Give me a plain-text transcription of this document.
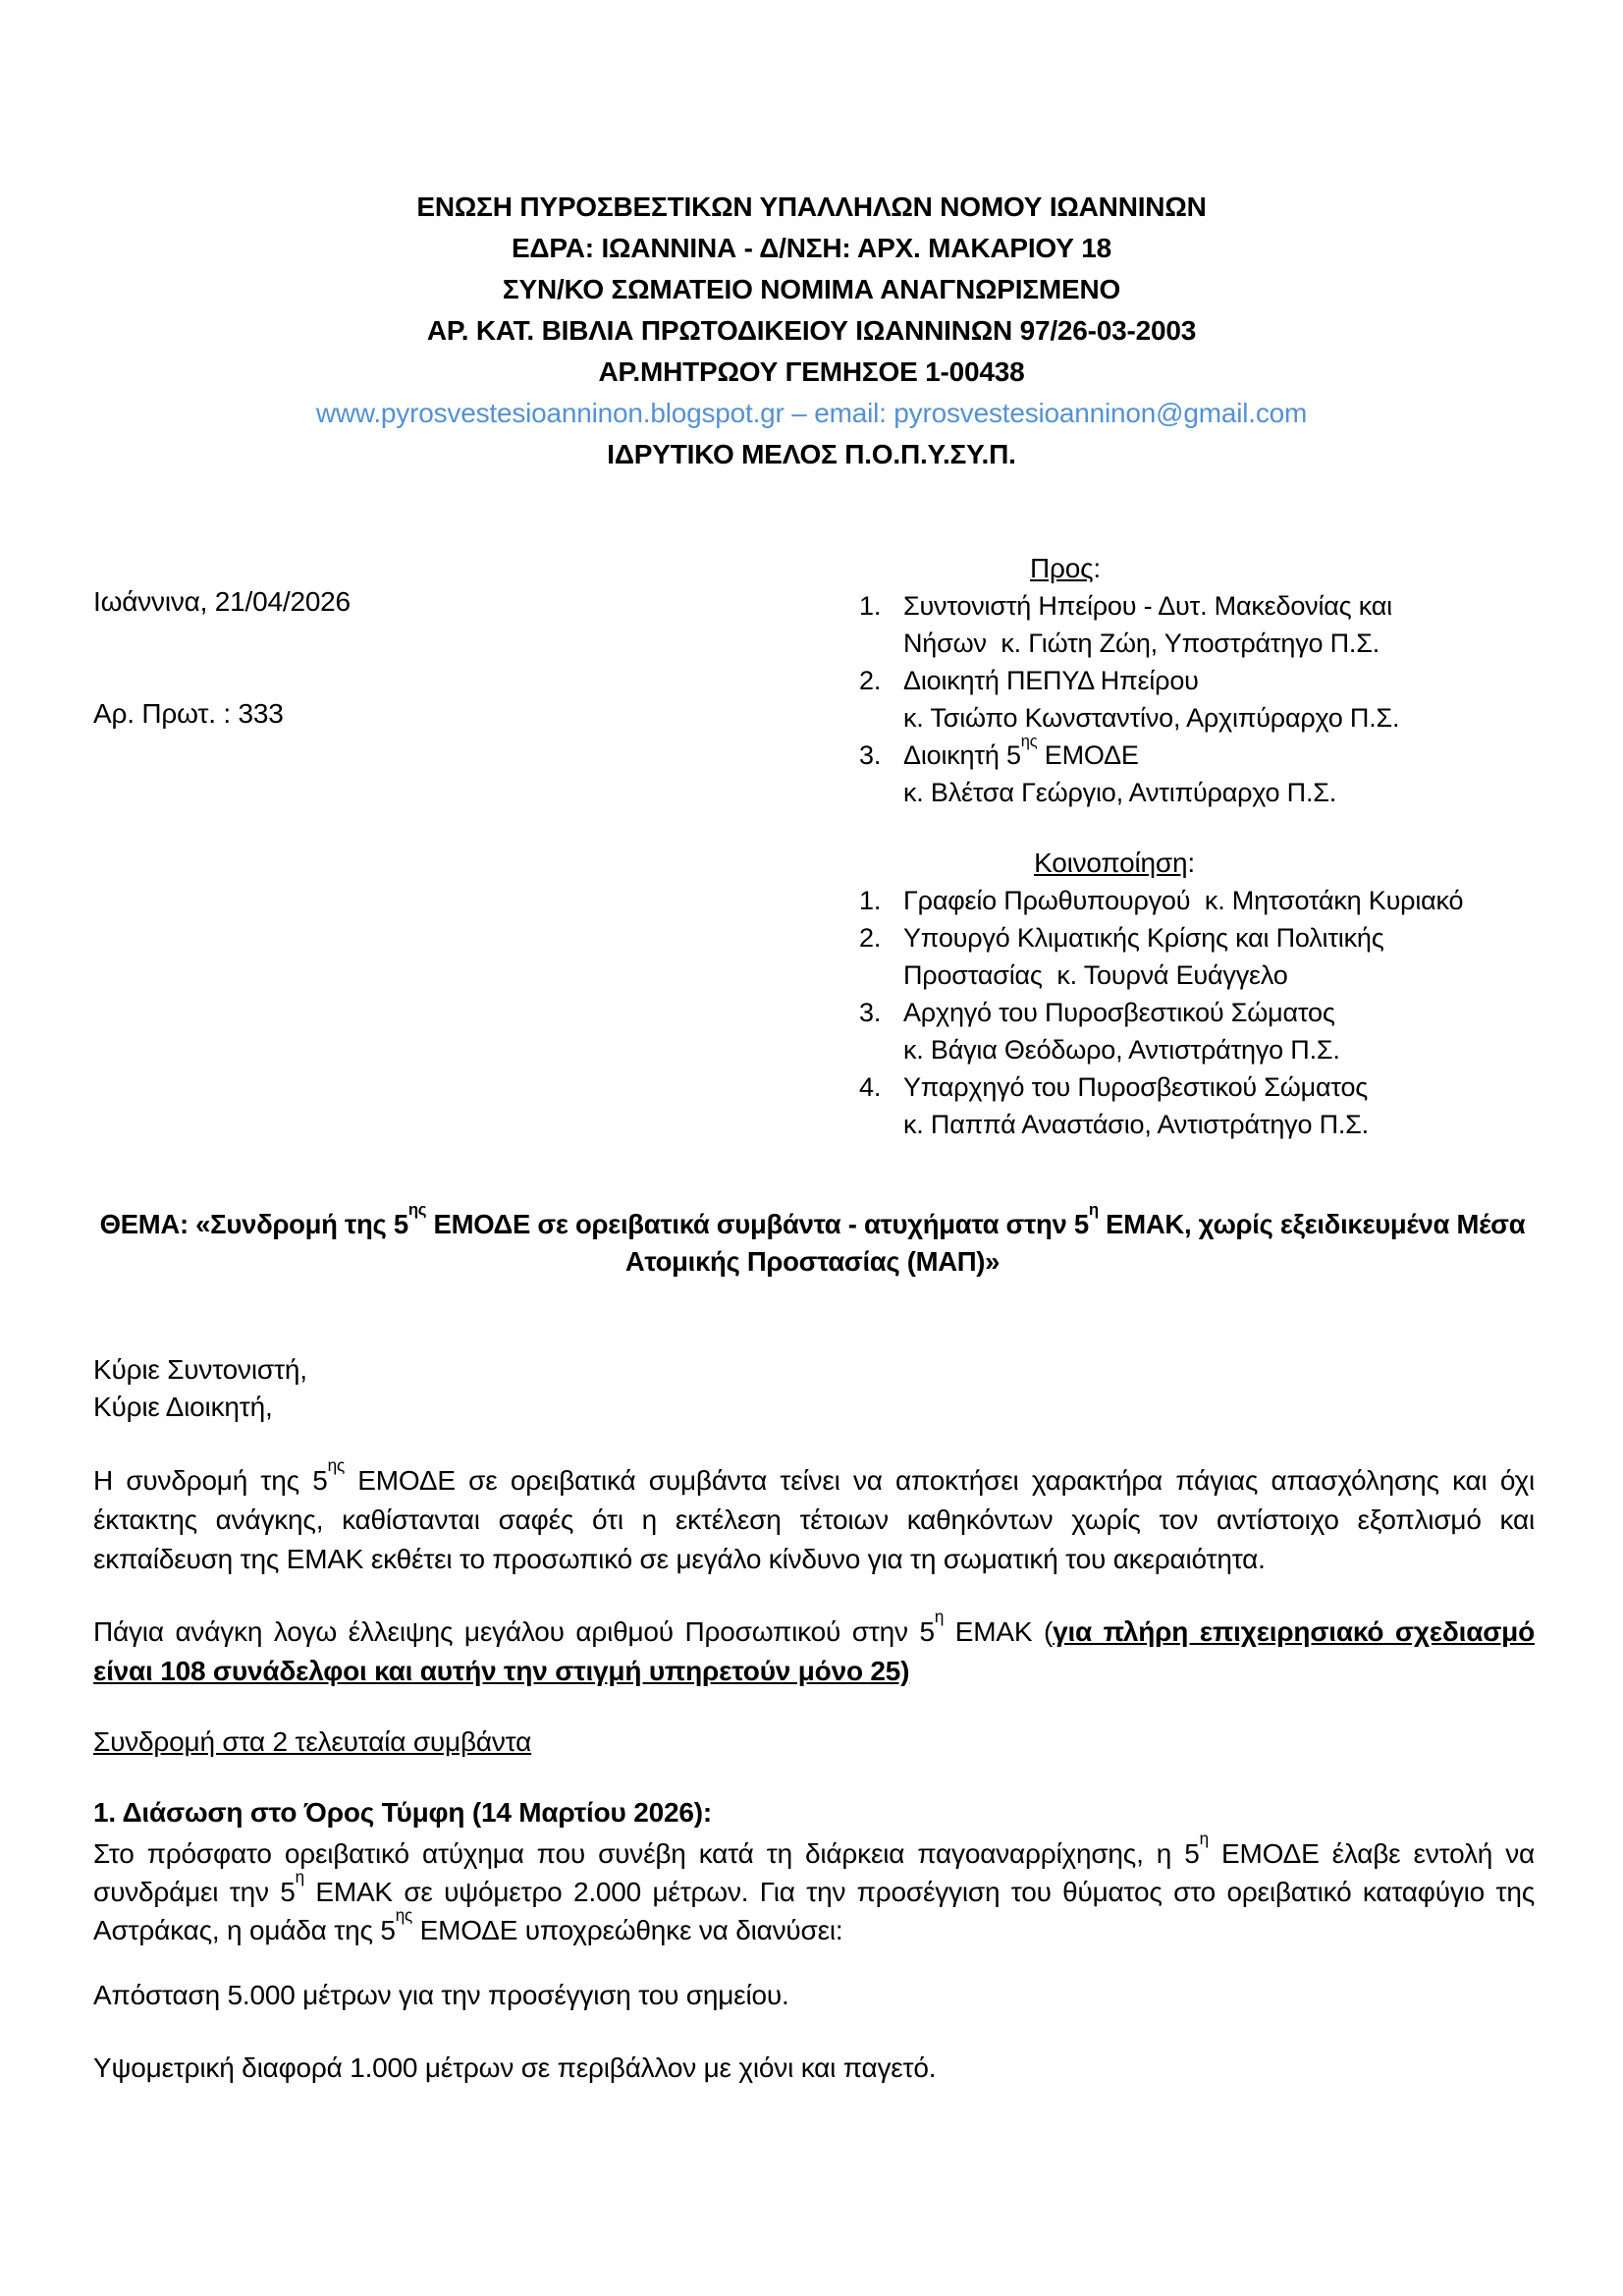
ΕΝΩΣΗ ΠΥΡΟΣΒΕΣΤΙΚΩΝ ΥΠΑΛΛΗΛΩΝ ΝΟΜΟΥ ΙΩΑΝΝΙΝΩΝ
ΕΔΡΑ: ΙΩΑΝΝΙΝΑ - Δ/ΝΣΗ: ΑΡΧ. ΜΑΚΑΡΙΟΥ 18
ΣΥΝ/ΚΟ ΣΩΜΑΤΕΙΟ ΝΟΜΙΜΑ ΑΝΑΓΝΩΡΙΣΜΕΝΟ
ΑΡ. ΚΑΤ. ΒΙΒΛΙΑ ΠΡΩΤΟΔΙΚΕΙΟΥ ΙΩΑΝΝΙΝΩΝ 97/26-03-2003
ΑΡ.ΜΗΤΡΩΟΥ ΓΕΜΗΣΟΕ 1-00438
www.pyrosvestesioanninon.blogspot.gr – email: pyrosvestesioanninon@gmail.com
ΙΔΡΥΤΙΚΟ ΜΕΛΟΣ Π.Ο.Π.Υ.ΣΥ.Π.

Ιωάννινα, 21/04/2026

Αρ. Πρωτ. : 333

Προς:
1. Συντονιστή Ηπείρου - Δυτ. Μακεδονίας και
Νήσων  κ. Γιώτη Ζώη, Υποστράτηγο Π.Σ.
2. Διοικητή ΠΕΠΥΔ Ηπείρου
κ. Τσιώπο Κωνσταντίνο, Αρχιπύραρχο Π.Σ.
3. Διοικητή $5^{\eta\varsigma}$ ΕΜΟΔΕ
κ. Βλέτσα Γεώργιο, Αντιπύραρχο Π.Σ.
Κοινοποίηση:
1. Γραφείο Πρωθυπουργού  κ. Μητσοτάκη Κυριακό
2. Υπουργό Κλιματικής Κρίσης και Πολιτικής
Προστασίας  κ. Τουρνά Ευάγγελο
3. Αρχηγό του Πυροσβεστικού Σώματος
κ. Βάγια Θεόδωρο, Αντιστράτηγο Π.Σ.
4. Υπαρχηγό του Πυροσβεστικού Σώματος
κ. Παππά Αναστάσιο, Αντιστράτηγο Π.Σ.
ΘΕΜΑ: «Συνδρομή της $5^{\eta\varsigma}$ ΕΜΟΔΕ σε ορειβατικά συμβάντα - ατυχήματα στην $5^\eta$ ΕΜΑΚ, χωρίς εξειδικευμένα Μέσα Ατομικής Προστασίας (ΜΑΠ)»
Κύριε Συντονιστή,
Κύριε Διοικητή,

Η συνδρομή της $5^{\eta\varsigma}$ ΕΜΟΔΕ σε ορειβατικά συμβάντα τείνει να αποκτήσει χαρακτήρα πάγιας απασχόλησης και όχι έκτακτης ανάγκης, καθίστανται σαφές ότι η εκτέλεση τέτοιων καθηκόντων χωρίς τον αντίστοιχο εξοπλισμό και εκπαίδευση της ΕΜΑΚ εκθέτει το προσωπικό σε μεγάλο κίνδυνο για τη σωματική του ακεραιότητα.

Πάγια ανάγκη λογω έλλειψης μεγάλου αριθμού Προσωπικού στην $5^\eta$ ΕΜΑΚ (για πλήρη επιχειρησιακό σχεδιασμό είναι 108 συνάδελφοι και αυτήν την στιγμή υπηρετούν μόνο 25)

Συνδρομή στα 2 τελευταία συμβάντα
1. Διάσωση στο Όρος Τύμφη (14 Μαρτίου 2026):

Στο πρόσφατο ορειβατικό ατύχημα που συνέβη κατά τη διάρκεια παγοαναρρίχησης, η $5^\eta$ ΕΜΟΔΕ έλαβε εντολή να συνδράμει την $5^\eta$ ΕΜΑΚ σε υψόμετρο 2.000 μέτρων. Για την προσέγγιση του θύματος στο ορειβατικό καταφύγιο της Αστράκας, η ομάδα της $5^{\eta\varsigma}$ ΕΜΟΔΕ υποχρεώθηκε να διανύσει:

Απόσταση 5.000 μέτρων για την προσέγγιση του σημείου.
Υψομετρική διαφορά 1.000 μέτρων σε περιβάλλον με χιόνι και παγετό.
